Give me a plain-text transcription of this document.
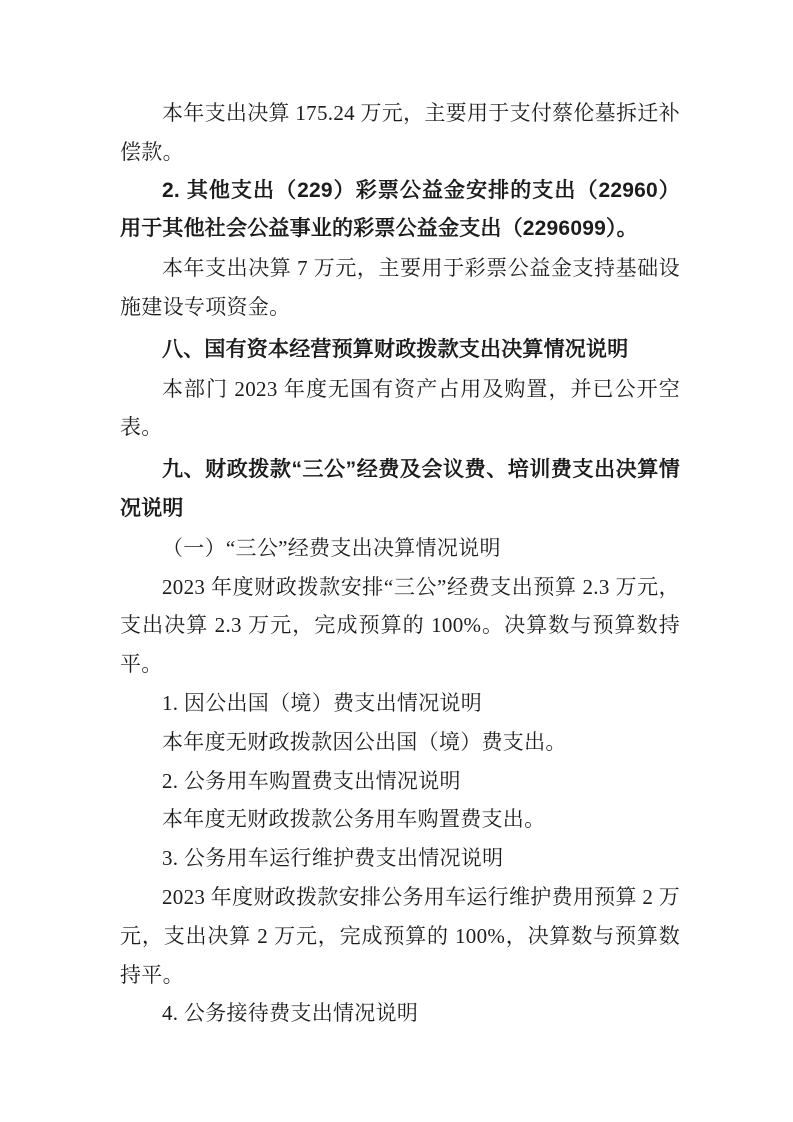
本年支出决算 175.24 万元，主要用于支付蔡伦墓拆迁补偿款。

2. 其他支出（229）彩票公益金安排的支出（22960）用于其他社会公益事业的彩票公益金支出（2296099）。

本年支出决算 7 万元，主要用于彩票公益金支持基础设施建设专项资金。

八、国有资本经营预算财政拨款支出决算情况说明

本部门 2023 年度无国有资产占用及购置，并已公开空表。

九、财政拨款“三公”经费及会议费、培训费支出决算情况说明

（一）“三公”经费支出决算情况说明

2023 年度财政拨款安排“三公”经费支出预算 2.3 万元，支出决算 2.3 万元，完成预算的 100%。决算数与预算数持平。

1. 因公出国（境）费支出情况说明

本年度无财政拨款因公出国（境）费支出。

2. 公务用车购置费支出情况说明

本年度无财政拨款公务用车购置费支出。

3. 公务用车运行维护费支出情况说明

2023 年度财政拨款安排公务用车运行维护费用预算 2 万元，支出决算 2 万元，完成预算的 100%，决算数与预算数持平。

4. 公务接待费支出情况说明
